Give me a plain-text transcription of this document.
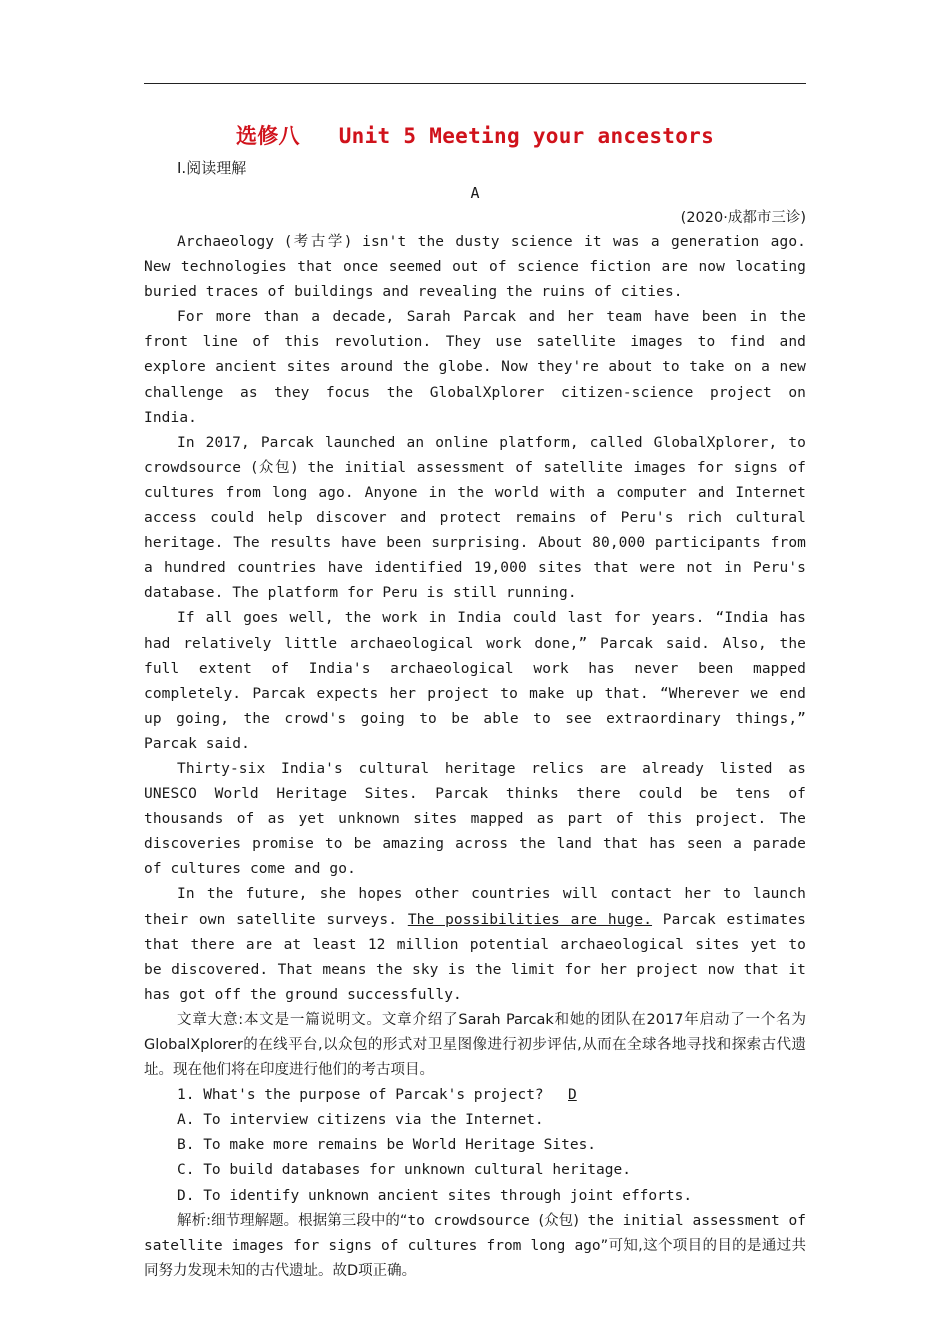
选修八 Unit 5 Meeting your ancestors
Ⅰ.阅读理解
A
(2020·成都市三诊)

Archaeology (考古学) isn't the dusty science it was a generation ago. New technologies that once seemed out of science fiction are now locating buried traces of buildings and revealing the ruins of cities.

For more than a decade, Sarah Parcak and her team have been in the front line of this revolution. They use satellite images to find and explore ancient sites around the globe. Now they're about to take on a new challenge as they focus the GlobalXplorer citizen-science project on India.

In 2017, Parcak launched an online platform, called GlobalXplorer, to crowdsource (众包) the initial assessment of satellite images for signs of cultures from long ago. Anyone in the world with a computer and Internet access could help discover and protect remains of Peru's rich cultural heritage. The results have been surprising. About 80,000 participants from a hundred countries have identified 19,000 sites that were not in Peru's database. The platform for Peru is still running.

If all goes well, the work in India could last for years. “India has had relatively little archaeological work done,” Parcak said. Also, the full extent of India's archaeological work has never been mapped completely. Parcak expects her project to make up that. “Wherever we end up going, the crowd's going to be able to see extraordinary things,” Parcak said.

Thirty-six India's cultural heritage relics are already listed as UNESCO World Heritage Sites. Parcak thinks there could be tens of thousands of as yet unknown sites mapped as part of this project. The discoveries promise to be amazing across the land that has seen a parade of cultures come and go.

In the future, she hopes other countries will contact her to launch their own satellite surveys. The possibilities are huge. Parcak estimates that there are at least 12 million potential archaeological sites yet to be discovered. That means the sky is the limit for her project now that it has got off the ground successfully.

文章大意:本文是一篇说明文。文章介绍了Sarah Parcak和她的团队在2017年启动了一个名为GlobalXplorer的在线平台,以众包的形式对卫星图像进行初步评估,从而在全球各地寻找和探索古代遗址。现在他们将在印度进行他们的考古项目。

1. What's the purpose of Parcak's project? D

A. To interview citizens via the Internet.

B. To make more remains be World Heritage Sites.

C. To build databases for unknown cultural heritage.

D. To identify unknown ancient sites through joint efforts.

解析:细节理解题。根据第三段中的“to crowdsource (众包) the initial assessment of satellite images for signs of cultures from long ago”可知,这个项目的目的是通过共同努力发现未知的古代遗址。故D项正确。
